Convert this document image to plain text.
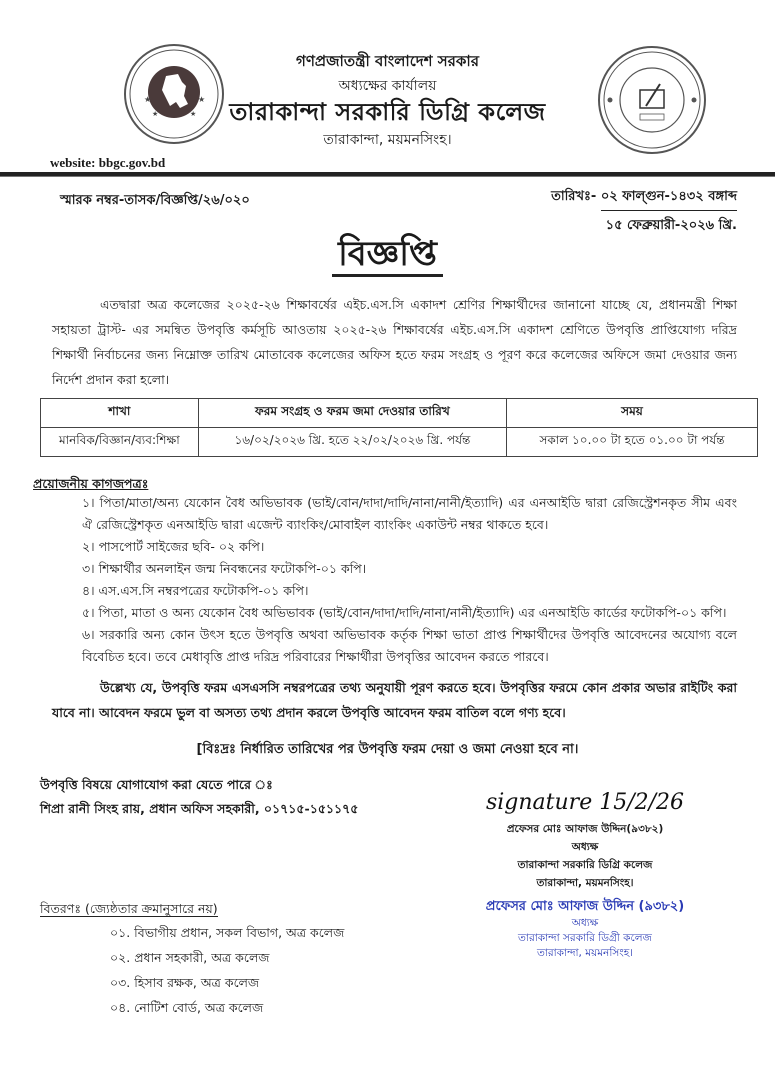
★	★
★	★
গণপ্রজাতন্ত্রী বাংলাদেশ সরকার
অধ্যক্ষের কার্যালয়
তারাকান্দা সরকারি ডিগ্রি কলেজ
তারাকান্দা, ময়মনসিংহ।
website: bbgc.gov.bd
স্মারক নম্বর-তাসক/বিজ্ঞপ্তি/২৬/০২০	তারিখঃ- ০২ ফাল্গুন-১৪৩২ বঙ্গাব্দ
১৫ ফেব্রুয়ারী-২০২৬ খ্রি.
বিজ্ঞপ্তি
এতদ্বারা অত্র কলেজের ২০২৫-২৬ শিক্ষাবর্ষের এইচ.এস.সি একাদশ শ্রেণির শিক্ষার্থীদের জানানো যাচ্ছে যে, প্রধানমন্ত্রী শিক্ষা সহায়তা ট্রাস্ট- এর সমন্বিত উপবৃত্তি কর্মসূচি আওতায় ২০২৫-২৬ শিক্ষাবর্ষের এইচ.এস.সি একাদশ শ্রেণিতে উপবৃত্তি প্রাপ্তিযোগ্য দরিদ্র শিক্ষার্থী নির্বাচনের জন্য নিম্নোক্ত তারিখ মোতাবেক কলেজের অফিস হতে ফরম সংগ্রহ ও পূরণ করে কলেজের অফিসে জমা দেওয়ার জন্য নির্দেশ প্রদান করা হলো।
শাখা	ফরম সংগ্রহ ও ফরম জমা দেওয়ার তারিখ	সময়
মানবিক/বিজ্ঞান/ব্যব:শিক্ষা	১৬/০২/২০২৬ খ্রি. হতে ২২/০২/২০২৬ খ্রি. পর্যন্ত	সকাল ১০.০০ টা হতে ০১.০০ টা পর্যন্ত
প্রয়োজনীয় কাগজপত্রঃ
১। পিতা/মাতা/অন্য যেকোন বৈধ অভিভাবক (ভাই/বোন/দাদা/দাদি/নানা/নানী/ইত্যাদি) এর এনআইডি দ্বারা রেজিস্ট্রেশনকৃত সীম এবং ঐ রেজিস্ট্রেশকৃত এনআইডি দ্বারা এজেন্ট ব্যাংকিং/মোবাইল ব্যাংকিং একাউন্ট নম্বর থাকতে হবে।
২। পাসপোর্ট সাইজের ছবি- ০২ কপি।
৩। শিক্ষার্থীর অনলাইন জন্ম নিবন্ধনের ফটোকপি-০১ কপি।
৪। এস.এস.সি নম্বরপত্রের ফটোকপি-০১ কপি।
৫। পিতা, মাতা ও অন্য যেকোন বৈধ অভিভাবক (ভাই/বোন/দাদা/দাদি/নানা/নানী/ইত্যাদি) এর এনআইডি কার্ডের ফটোকপি-০১ কপি।
৬। সরকারি অন্য কোন উৎস হতে উপবৃত্তি অথবা অভিভাবক কর্তৃক শিক্ষা ভাতা প্রাপ্ত শিক্ষার্থীদের উপবৃত্তি আবেদনের অযোগ্য বলে বিবেচিত হবে। তবে মেধাবৃত্তি প্রাপ্ত দরিদ্র পরিবারের শিক্ষার্থীরা উপবৃত্তির আবেদন করতে পারবে।
উল্লেখ্য যে, উপবৃত্তি ফরম এসএসসি নম্বরপত্রের তথ্য অনুযায়ী পূরণ করতে হবে। উপবৃত্তির ফরমে কোন প্রকার অভার রাইটিং করা যাবে না। আবেদন ফরমে ভুল বা অসত্য তথ্য প্রদান করলে উপবৃত্তি আবেদন ফরম বাতিল বলে গণ্য হবে।
[বিঃদ্রঃ নির্ধারিত তারিখের পর উপবৃত্তি ফরম দেয়া ও জমা নেওয়া হবে না।
উপবৃত্তি বিষয়ে যোগাযোগ করা যেতে পারে ঃ
শিপ্রা রানী সিংহ রায়, প্রধান অফিস সহকারী, ০১৭১৫-১৫১১৭৫	signature 15/2/26
প্রফেসর মোঃ আফাজ উদ্দিন(৯৩৮২)
অধ্যক্ষ
তারাকান্দা সরকারি ডিগ্রি কলেজ
তারাকান্দা, ময়মনসিংহ।
প্রফেসর মোঃ আফাজ উদ্দিন (৯৩৮২)
অধ্যক্ষ
তারাকান্দা সরকারি ডিগ্রী কলেজ
তারাকান্দা, ময়মনসিংহ।
বিতরণঃ (জ্যেষ্ঠতার ক্রমানুসারে নয়)
০১. বিভাগীয় প্রধান, সকল বিভাগ, অত্র কলেজ
০২. প্রধান সহকারী, অত্র কলেজ
০৩. হিসাব রক্ষক, অত্র কলেজ
০৪. নোটিশ বোর্ড, অত্র কলেজ
